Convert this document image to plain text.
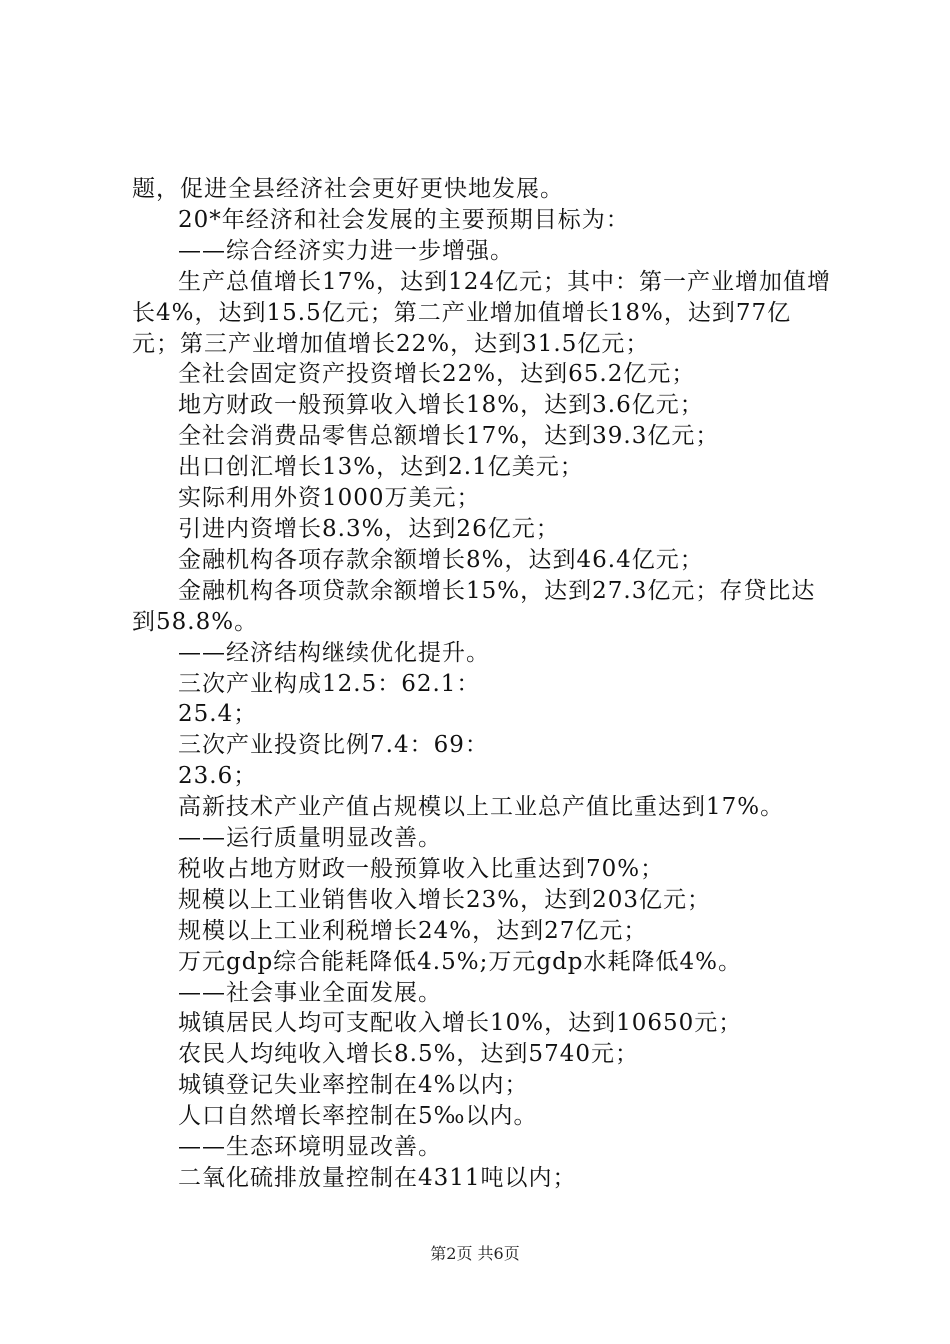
题，促进全县经济社会更好更快地发展。

20*年经济和社会发展的主要预期目标为：

——综合经济实力进一步增强。

生产总值增长17%，达到124亿元；其中：第一产业增加值增长4%，达到15.5亿元；第二产业增加值增长18%，达到77亿元；第三产业增加值增长22%，达到31.5亿元；

全社会固定资产投资增长22%，达到65.2亿元；

地方财政一般预算收入增长18%，达到3.6亿元；

全社会消费品零售总额增长17%，达到39.3亿元；

出口创汇增长13%，达到2.1亿美元；

实际利用外资1000万美元；

引进内资增长8.3%，达到26亿元；

金融机构各项存款余额增长8%，达到46.4亿元；

金融机构各项贷款余额增长15%，达到27.3亿元；存贷比达到58.8%。

——经济结构继续优化提升。

三次产业构成12.5：62.1：

25.4；

三次产业投资比例7.4：69：

23.6；

高新技术产业产值占规模以上工业总产值比重达到17%。

——运行质量明显改善。

税收占地方财政一般预算收入比重达到70%；

规模以上工业销售收入增长23%，达到203亿元；

规模以上工业利税增长24%，达到27亿元；

万元gdp综合能耗降低4.5%;万元gdp水耗降低4%。

——社会事业全面发展。

城镇居民人均可支配收入增长10%，达到10650元；

农民人均纯收入增长8.5%，达到5740元；

城镇登记失业率控制在4%以内；

人口自然增长率控制在5‰以内。

——生态环境明显改善。

二氧化硫排放量控制在4311吨以内；

第2页 共6页
